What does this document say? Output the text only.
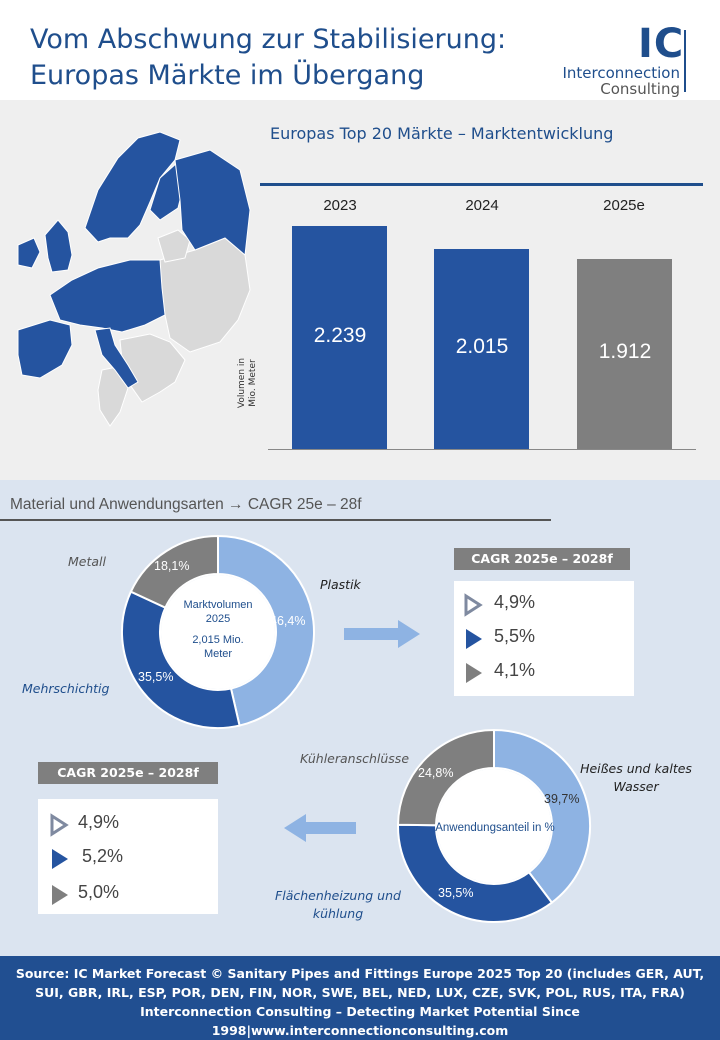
Vom Abschwung zur Stabilisierung:
Europas Märkte im Übergang
IC
Interconnection
Consulting
Europas Top 20 Märkte – Marktentwicklung
Volumen in Mio. Meter
2023	2024	2025e
2.239	2.015	1.912
Material und Anwendungsarten → CAGR 25e – 28f
Marktvolumen
2025
2,015 Mio.
Meter
46,4%
35,5%
18,1%
Plastik
Mehrschichtig
Metall	CAGR 2025e – 2028f
4,9%
5,5%
4,1%
Anwendungsanteil in %
39,7%
35,5%
24,8%	Heißes und kaltes
Wasser
Flächenheizung und
kühlung
Kühleranschlüsse
CAGR 2025e – 2028f
4,9%
5,2%
5,0%
Source: IC Market Forecast © Sanitary Pipes and Fittings Europe 2025 Top 20 (includes GER, AUT,
SUI, GBR, IRL, ESP, POR, DEN, FIN, NOR, SWE, BEL, NED, LUX, CZE, SVK, POL, RUS, ITA, FRA)
Interconnection Consulting – Detecting Market Potential Since
1998|www.interconnectionconsulting.com
